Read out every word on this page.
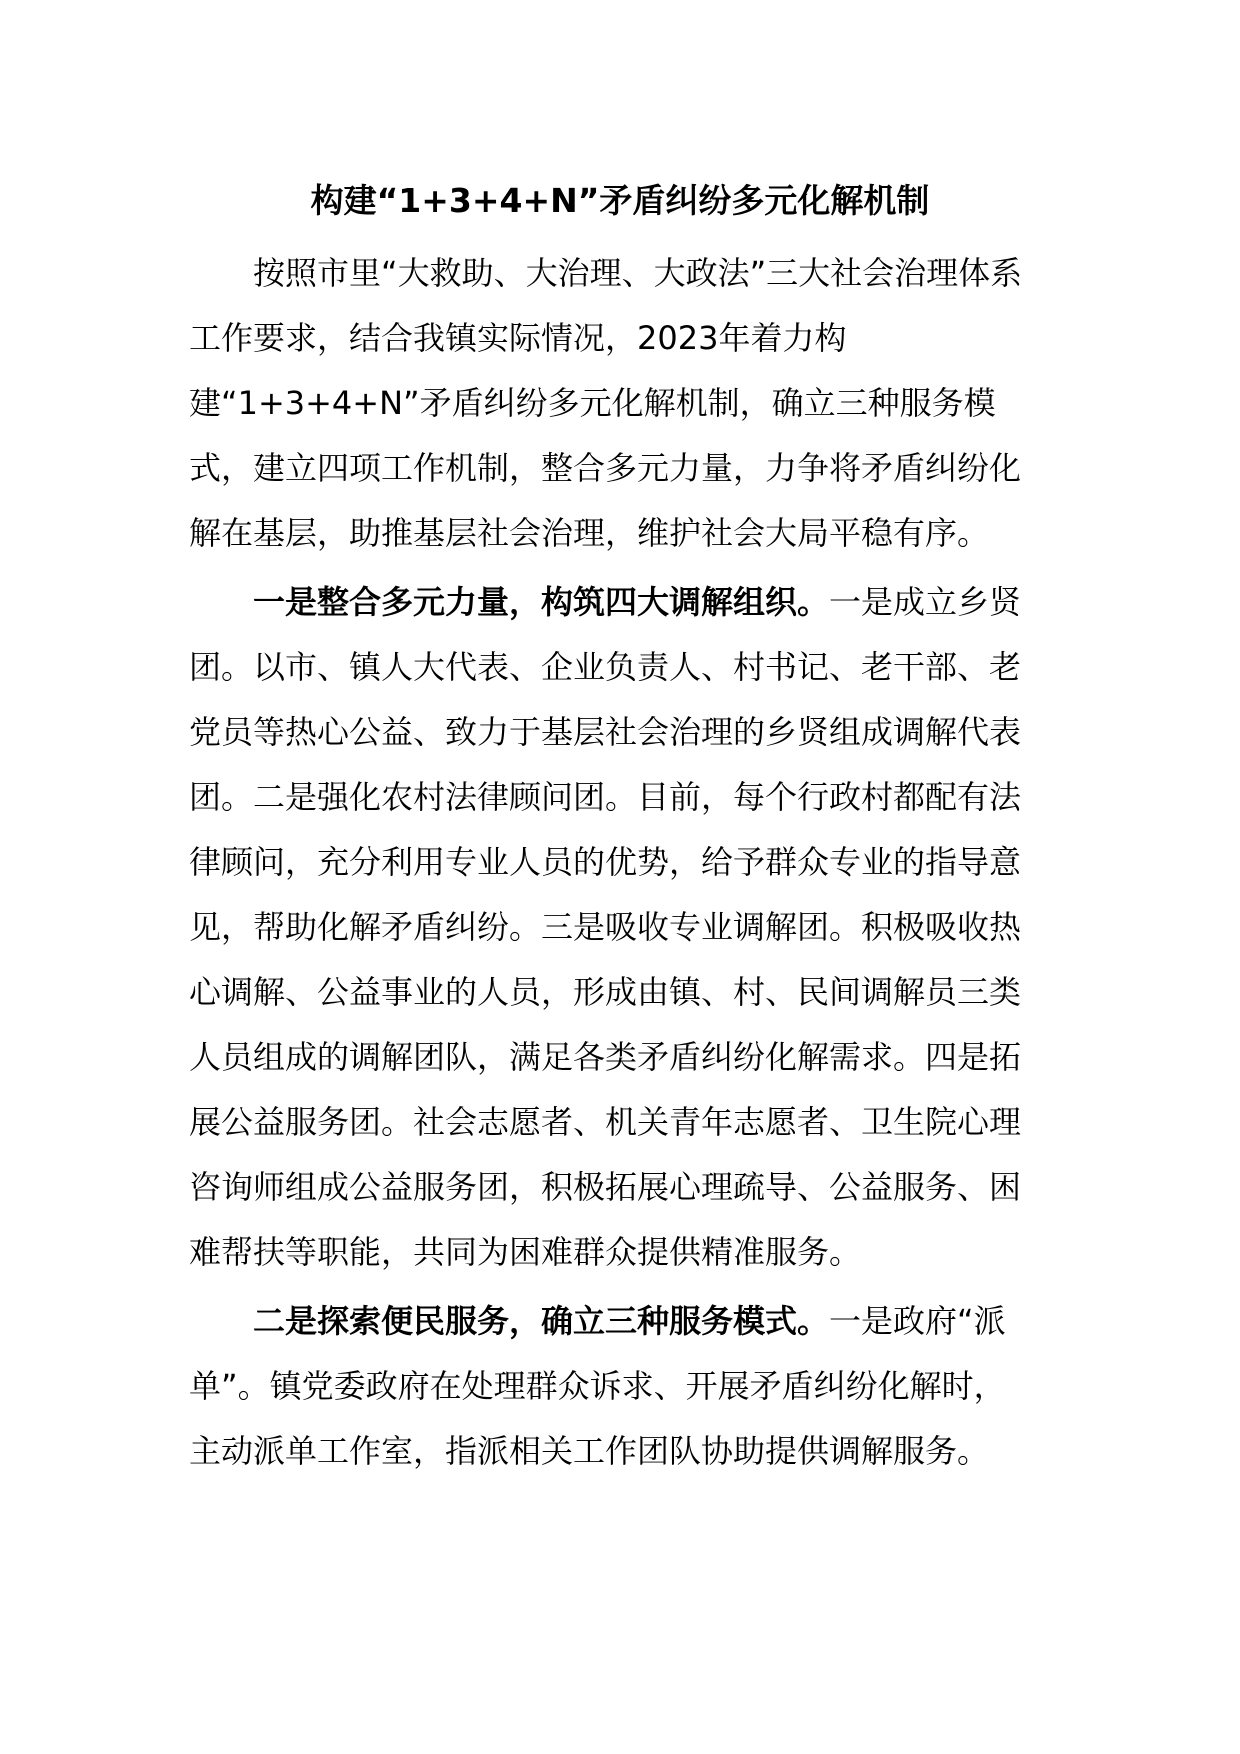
构建“1+3+4+N”矛盾纠纷多元化解机制

按照市里“大救助、大治理、大政法”三大社会治理体系工作要求，结合我镇实际情况，2023年着力构建“1+3+4+N”矛盾纠纷多元化解机制，确立三种服务模式，建立四项工作机制，整合多元力量，力争将矛盾纠纷化解在基层，助推基层社会治理，维护社会大局平稳有序。

一是整合多元力量，构筑四大调解组织。一是成立乡贤团。以市、镇人大代表、企业负责人、村书记、老干部、老党员等热心公益、致力于基层社会治理的乡贤组成调解代表团。二是强化农村法律顾问团。目前，每个行政村都配有法律顾问，充分利用专业人员的优势，给予群众专业的指导意见，帮助化解矛盾纠纷。三是吸收专业调解团。积极吸收热心调解、公益事业的人员，形成由镇、村、民间调解员三类人员组成的调解团队，满足各类矛盾纠纷化解需求。四是拓展公益服务团。社会志愿者、机关青年志愿者、卫生院心理咨询师组成公益服务团，积极拓展心理疏导、公益服务、困难帮扶等职能，共同为困难群众提供精准服务。

二是探索便民服务，确立三种服务模式。一是政府“派单”。镇党委政府在处理群众诉求、开展矛盾纠纷化解时，主动派单工作室，指派相关工作团队协助提供调解服务。
